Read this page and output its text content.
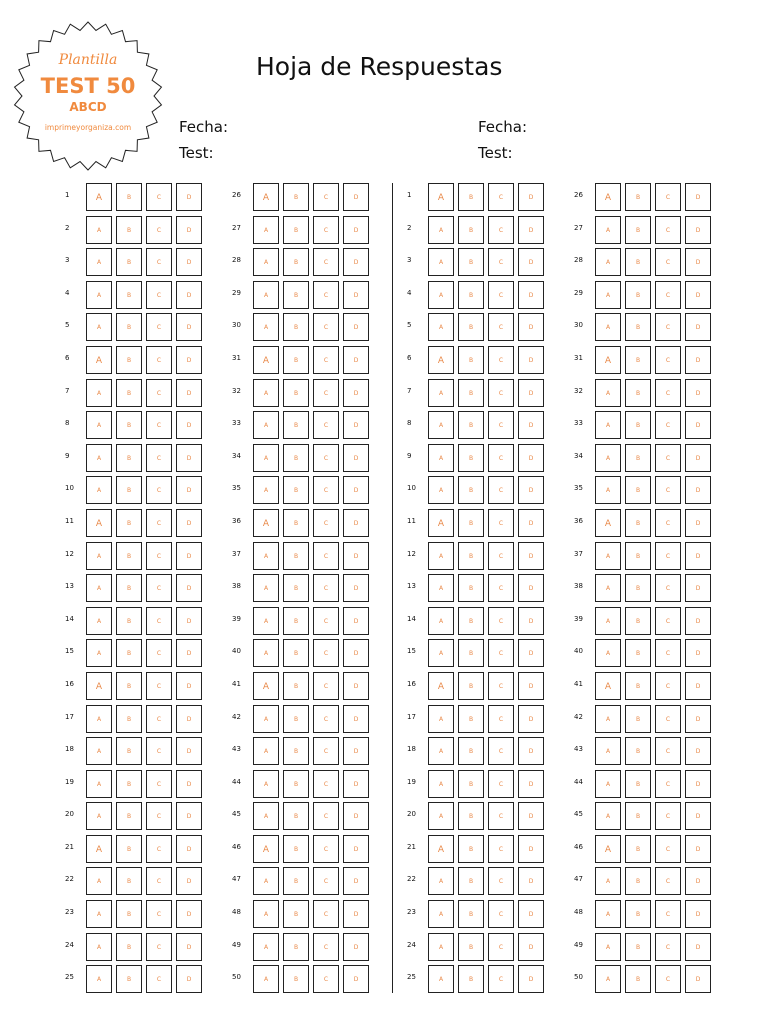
Plantilla
TEST 50
ABCD
imprimeyorganiza.com
Hoja de Respuestas
Fecha:
Test:
Fecha:
Test:
1	A	B	C	D
2	A	B	C	D
3	A	B	C	D
4	A	B	C	D
5	A	B	C	D
6	A	B	C	D
7	A	B	C	D
8	A	B	C	D
9	A	B	C	D
10	A	B	C	D
11	A	B	C	D
12	A	B	C	D
13	A	B	C	D
14	A	B	C	D
15	A	B	C	D
16	A	B	C	D
17	A	B	C	D
18	A	B	C	D
19	A	B	C	D
20	A	B	C	D
21	A	B	C	D
22	A	B	C	D
23	A	B	C	D
24	A	B	C	D
25	A	B	C	D
26	A	B	C	D
27	A	B	C	D
28	A	B	C	D
29	A	B	C	D
30	A	B	C	D
31	A	B	C	D
32	A	B	C	D
33	A	B	C	D
34	A	B	C	D
35	A	B	C	D
36	A	B	C	D
37	A	B	C	D
38	A	B	C	D
39	A	B	C	D
40	A	B	C	D
41	A	B	C	D
42	A	B	C	D
43	A	B	C	D
44	A	B	C	D
45	A	B	C	D
46	A	B	C	D
47	A	B	C	D
48	A	B	C	D
49	A	B	C	D
50	A	B	C	D
1	A	B	C	D
2	A	B	C	D
3	A	B	C	D
4	A	B	C	D
5	A	B	C	D
6	A	B	C	D
7	A	B	C	D
8	A	B	C	D
9	A	B	C	D
10	A	B	C	D
11	A	B	C	D
12	A	B	C	D
13	A	B	C	D
14	A	B	C	D
15	A	B	C	D
16	A	B	C	D
17	A	B	C	D
18	A	B	C	D
19	A	B	C	D
20	A	B	C	D
21	A	B	C	D
22	A	B	C	D
23	A	B	C	D
24	A	B	C	D
25	A	B	C	D
26	A	B	C	D
27	A	B	C	D
28	A	B	C	D
29	A	B	C	D
30	A	B	C	D
31	A	B	C	D
32	A	B	C	D
33	A	B	C	D
34	A	B	C	D
35	A	B	C	D
36	A	B	C	D
37	A	B	C	D
38	A	B	C	D
39	A	B	C	D
40	A	B	C	D
41	A	B	C	D
42	A	B	C	D
43	A	B	C	D
44	A	B	C	D
45	A	B	C	D
46	A	B	C	D
47	A	B	C	D
48	A	B	C	D
49	A	B	C	D
50	A	B	C	D
